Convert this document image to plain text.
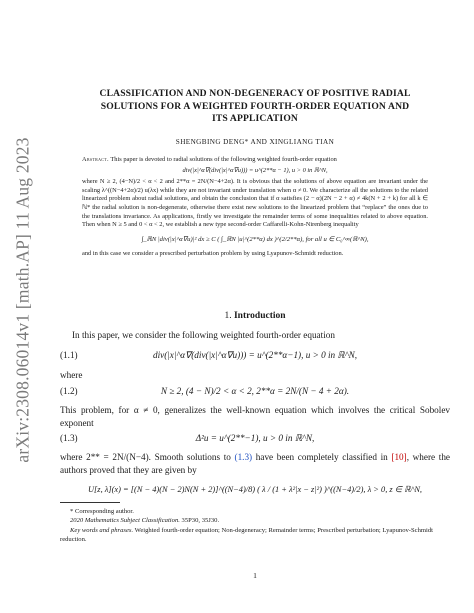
arXiv:2308.06014v1 [math.AP] 11 Aug 2023
CLASSIFICATION AND NON-DEGENERACY OF POSITIVE RADIAL
SOLUTIONS FOR A WEIGHTED FOURTH-ORDER EQUATION AND
ITS APPLICATION
SHENGBING DENG* AND XINGLIANG TIAN

Abstract. This paper is devoted to radial solutions of the following weighted fourth-order equation

div(|x|^α∇(div(|x|^α∇u))) = u^(2**α − 1), u > 0 in ℝ^N,

where N ≥ 2, (4−N)/2 < α < 2 and 2**α = 2N/(N−4+2α). It is obvious that the solutions of above equation are invariant under the scaling λ^((N−4+2α)/2) u(λx) while they are not invariant under translation when α ≠ 0. We characterize all the solutions to the related linearized problem about radial solutions, and obtain the conclusion that if α satisfies (2 − α)(2N − 2 + α) ≠ 4k(N + 2 + k) for all k ∈ ℕ* the radial solution is non-degenerate, otherwise there exist new solutions to the linearized problem that “replace” the ones due to the translations invariance. As applications, firstly we investigate the remainder terms of some inequalities related to above equation. Then when N ≥ 5 and 0 < α < 2, we establish a new type second-order Caffarelli-Kohn-Nirenberg inequality

∫_ℝN |div(|x|^α∇u)|² dx ≥ C ( ∫_ℝN |u|^(2**α) dx )^(2/2**α), for all u ∈ C₀^∞(ℝ^N),

and in this case we consider a prescribed perturbation problem by using Lyapunov-Schmidt reduction.

1. Introduction
In this paper, we consider the following weighted fourth-order equation
(1.1)	div(|x|^α∇(div(|x|^α∇u))) = u^(2**α−1), u > 0 in ℝ^N,
where
(1.2)	N ≥ 2, (4 − N)/2 < α < 2, 2**α = 2N/(N − 4 + 2α).
This problem, for α ≠ 0, generalizes the well-known equation which involves the critical Sobolev exponent
(1.3)	Δ²u = u^(2**−1), u > 0 in ℝ^N,
where 2** = 2N/(N−4). Smooth solutions to (1.3) have been completely classified in [10], where the authors proved that they are given by
U[z, λ](x) = [(N − 4)(N − 2)N(N + 2)]^((N−4)/8) ( λ / (1 + λ²|x − z|²) )^((N−4)/2), λ > 0, z ∈ ℝ^N,

* Corresponding author.

2020 Mathematics Subject Classification. 35P30, 35J30.

Key words and phrases. Weighted fourth-order equation; Non-degeneracy; Remainder terms; Prescribed perturbation; Lyapunov-Schmidt reduction.

1
